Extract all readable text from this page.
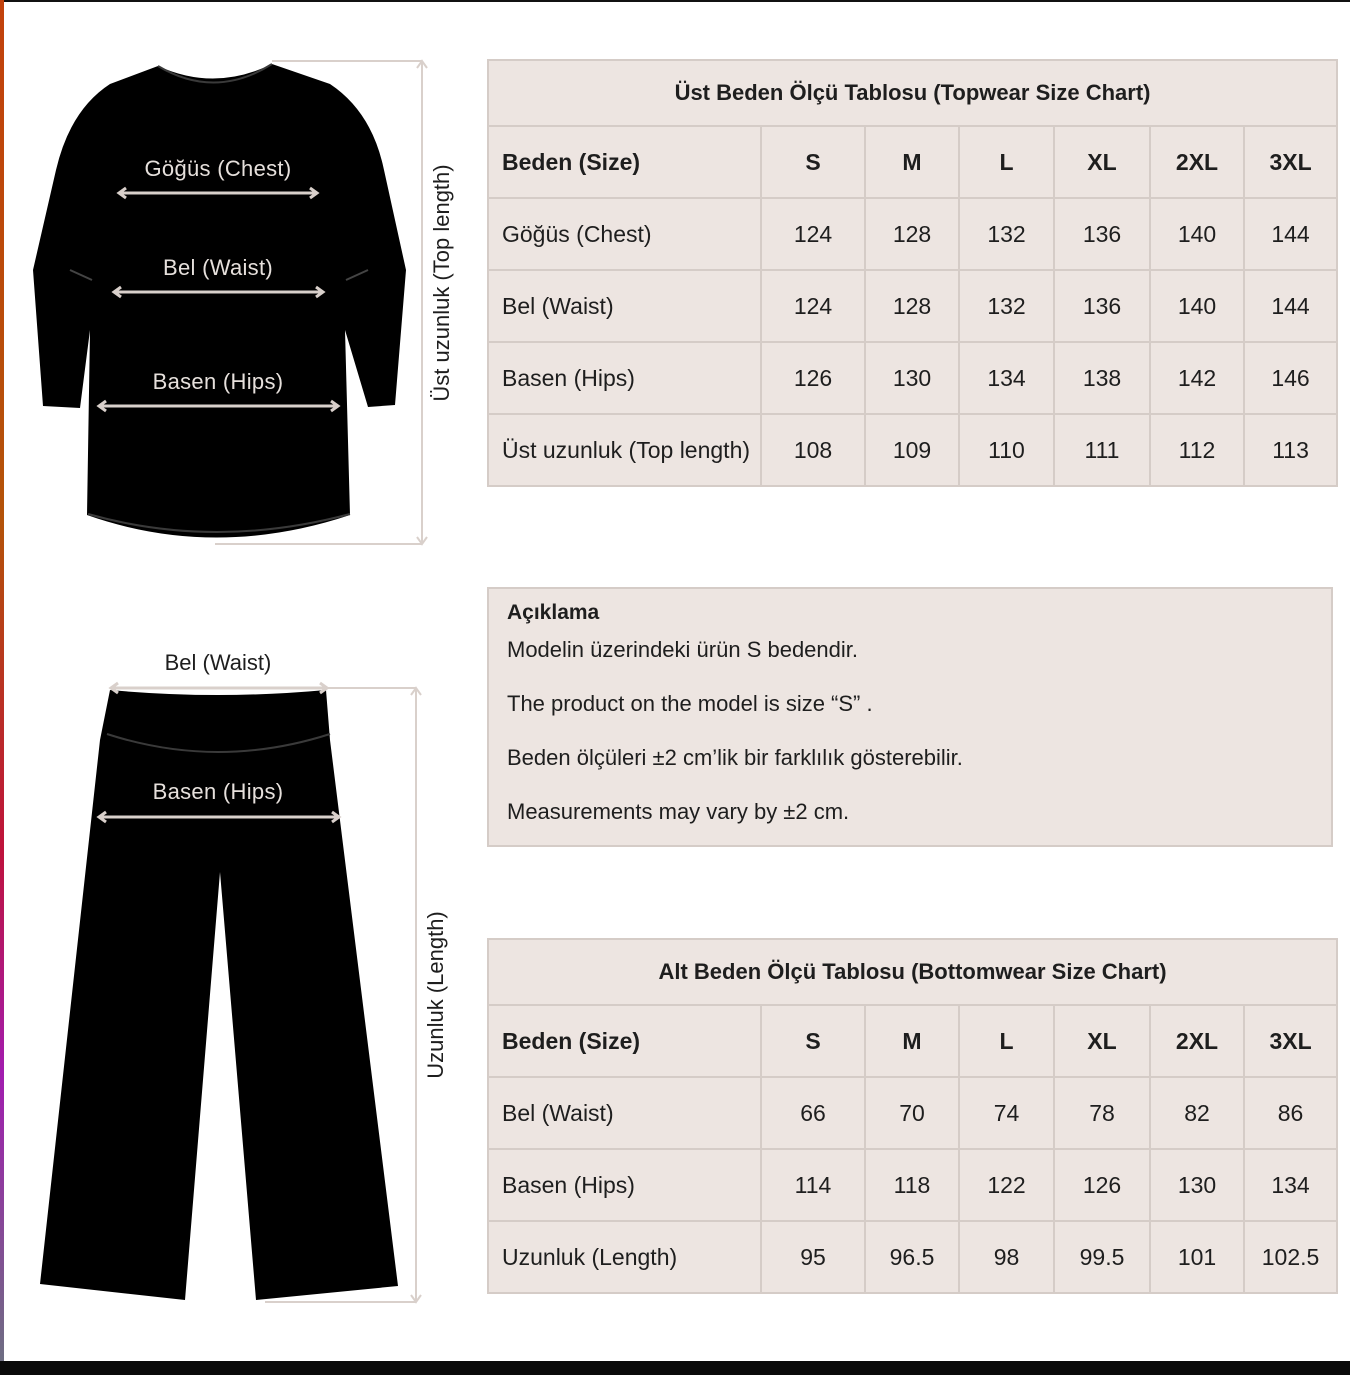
Göğüs (Chest)
Bel (Waist)
Basen (Hips)	Üst uzunluk (Top length)
Bel (Waist)
Basen (Hips)
Uzunluk (Length)
Üst Beden Ölçü Tablosu (Topwear Size Chart)						
Beden (Size)	S	M	L	XL	2XL	3XL
Göğüs (Chest)	124	128	132	136	140	144
Bel (Waist)	124	128	132	136	140	144
Basen (Hips)	126	130	134	138	142	146
Üst uzunluk (Top length)	108	109	110	111	112	113
Açıklama
Modelin üzerindeki ürün S bedendir.
The product on the model is size “S” .
Beden ölçüleri ±2 cm’lik bir farklılık gösterebilir.
Measurements may vary by ±2 cm.
Alt Beden Ölçü Tablosu (Bottomwear Size Chart)						
Beden (Size)	S	M	L	XL	2XL	3XL
Bel (Waist)	66	70	74	78	82	86
Basen (Hips)	114	118	122	126	130	134
Uzunluk (Length)	95	96.5	98	99.5	101	102.5
